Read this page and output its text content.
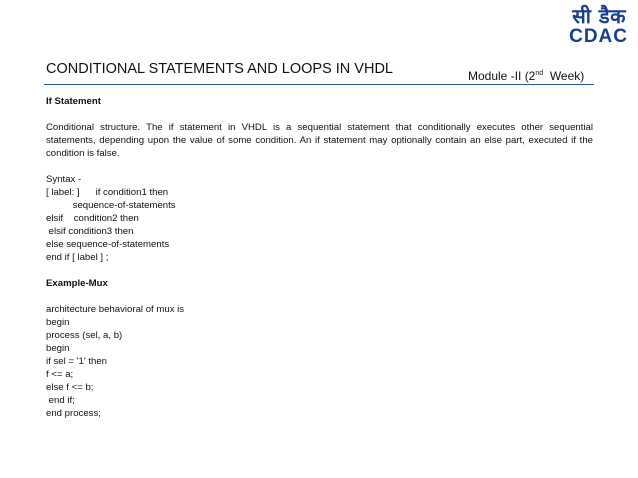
सी डैक
CDAC
CONDITIONAL STATEMENTS AND LOOPS IN VHDL	Module -II (2nd  Week)

If Statement

Conditional structure. The if statement in VHDL is a sequential statement that conditionally executes other sequential statements, depending upon the value of some condition. An if statement may optionally contain an else part, executed if the condition is false.

Syntax -

[ label: ]      if condition1 then

sequence-of-statements

elsif    condition2 then

elsif condition3 then

else sequence-of-statements

end if [ label ] ;

Example-Mux

architecture behavioral of mux is

begin

process (sel, a, b)

begin

if sel = '1' then

f <= a;

else f <= b;

end if;

end process;
